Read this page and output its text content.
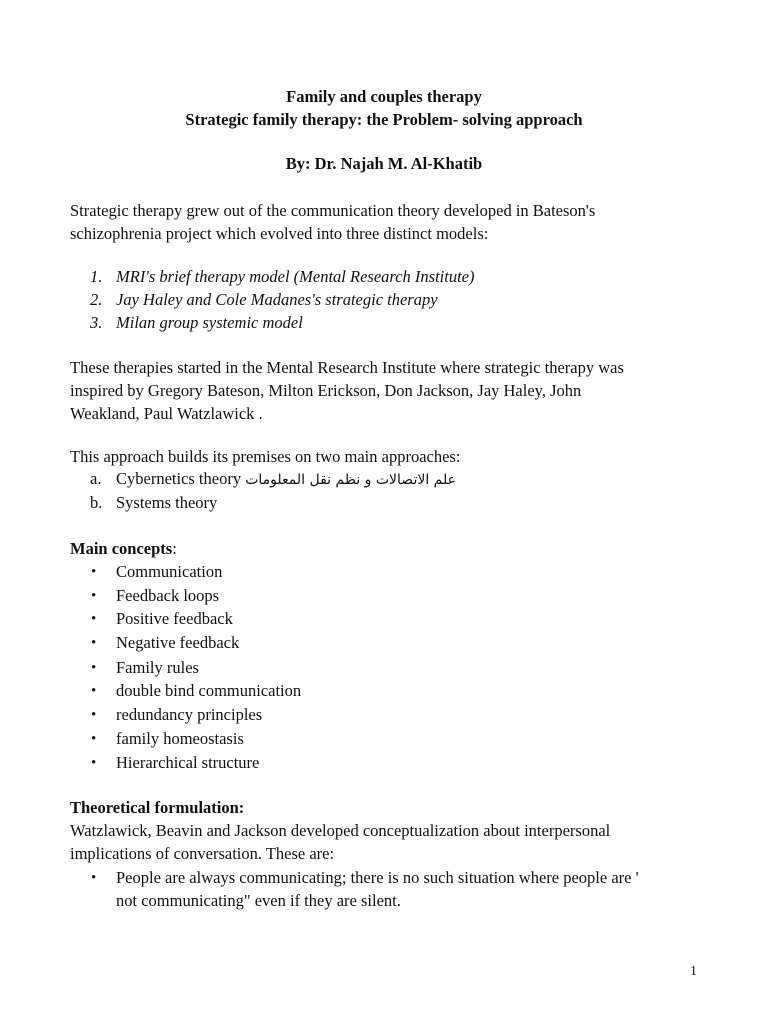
Family and couples therapy
Strategic family therapy: the Problem- solving approach
By: Dr. Najah M. Al-Khatib
Strategic therapy grew out of the communication theory developed in Bateson's
schizophrenia project which evolved into three distinct models:
1. MRI's brief therapy model (Mental Research Institute)
2. Jay Haley and Cole Madanes's strategic therapy
3. Milan group systemic model
These therapies started in the Mental Research Institute where strategic therapy was
inspired by Gregory Bateson, Milton Erickson, Don Jackson, Jay Haley, John
Weakland, Paul Watzlawick .
This approach builds its premises on two main approaches:
a. Cybernetics theory علم الاتصالات و نظم نقل المعلومات
b. Systems theory
Main concepts:
• Communication
• Feedback loops
• Positive feedback
• Negative feedback
• Family rules
• double bind communication
• redundancy principles
• family homeostasis
• Hierarchical structure
Theoretical formulation:
Watzlawick, Beavin and Jackson developed conceptualization about interpersonal
implications of conversation. These are:
• People are always communicating; there is no such situation where people are '
not communicating" even if they are silent.
1
